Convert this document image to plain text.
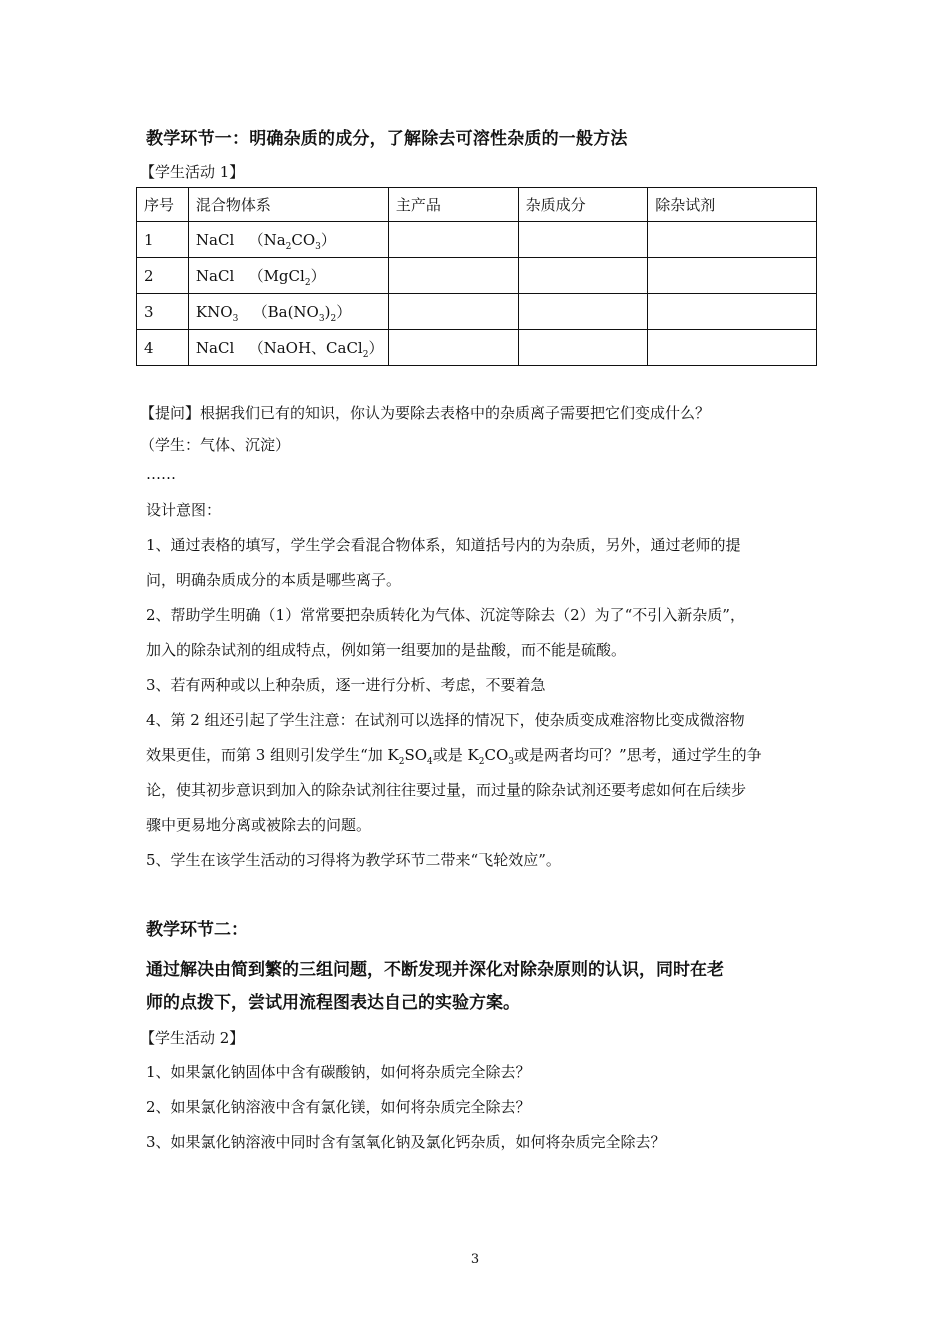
教学环节一：明确杂质的成分，了解除去可溶性杂质的一般方法
【学生活动 1】
序号	混合物体系	主产品	杂质成分	除杂试剂
1	NaCl $(Na_2CO_3)$			
2	NaCl （MgCl$_2$）			
3	$KNO_3$ $(Ba(NO_3)_2)$			
4	NaCl （NaOH、CaCl$_2$）			
【提问】根据我们已有的知识，你认为要除去表格中的杂质离子需要把它们变成什么？
（学生：气体、沉淀）
……
设计意图：
1、通过表格的填写，学生学会看混合物体系，知道括号内的为杂质，另外，通过老师的提
问，明确杂质成分的本质是哪些离子。
2、帮助学生明确（1）常常要把杂质转化为气体、沉淀等除去（2）为了“不引入新杂质”，
加入的除杂试剂的组成特点，例如第一组要加的是盐酸，而不能是硫酸。
3、若有两种或以上种杂质，逐一进行分析、考虑，不要着急
4、第 2 组还引起了学生注意：在试剂可以选择的情况下，使杂质变成难溶物比变成微溶物
效果更佳，而第 3 组则引发学生“加 $K_2SO_4$或是 $K_2CO_3$或是两者均可？”思考，通过学生的争
论，使其初步意识到加入的除杂试剂往往要过量，而过量的除杂试剂还要考虑如何在后续步
骤中更易地分离或被除去的问题。
5、学生在该学生活动的习得将为教学环节二带来“飞轮效应”。
教学环节二：
通过解决由简到繁的三组问题，不断发现并深化对除杂原则的认识，同时在老
师的点拨下，尝试用流程图表达自己的实验方案。
【学生活动 2】
1、如果氯化钠固体中含有碳酸钠，如何将杂质完全除去？
2、如果氯化钠溶液中含有氯化镁，如何将杂质完全除去？
3、如果氯化钠溶液中同时含有氢氧化钠及氯化钙杂质，如何将杂质完全除去？
3
